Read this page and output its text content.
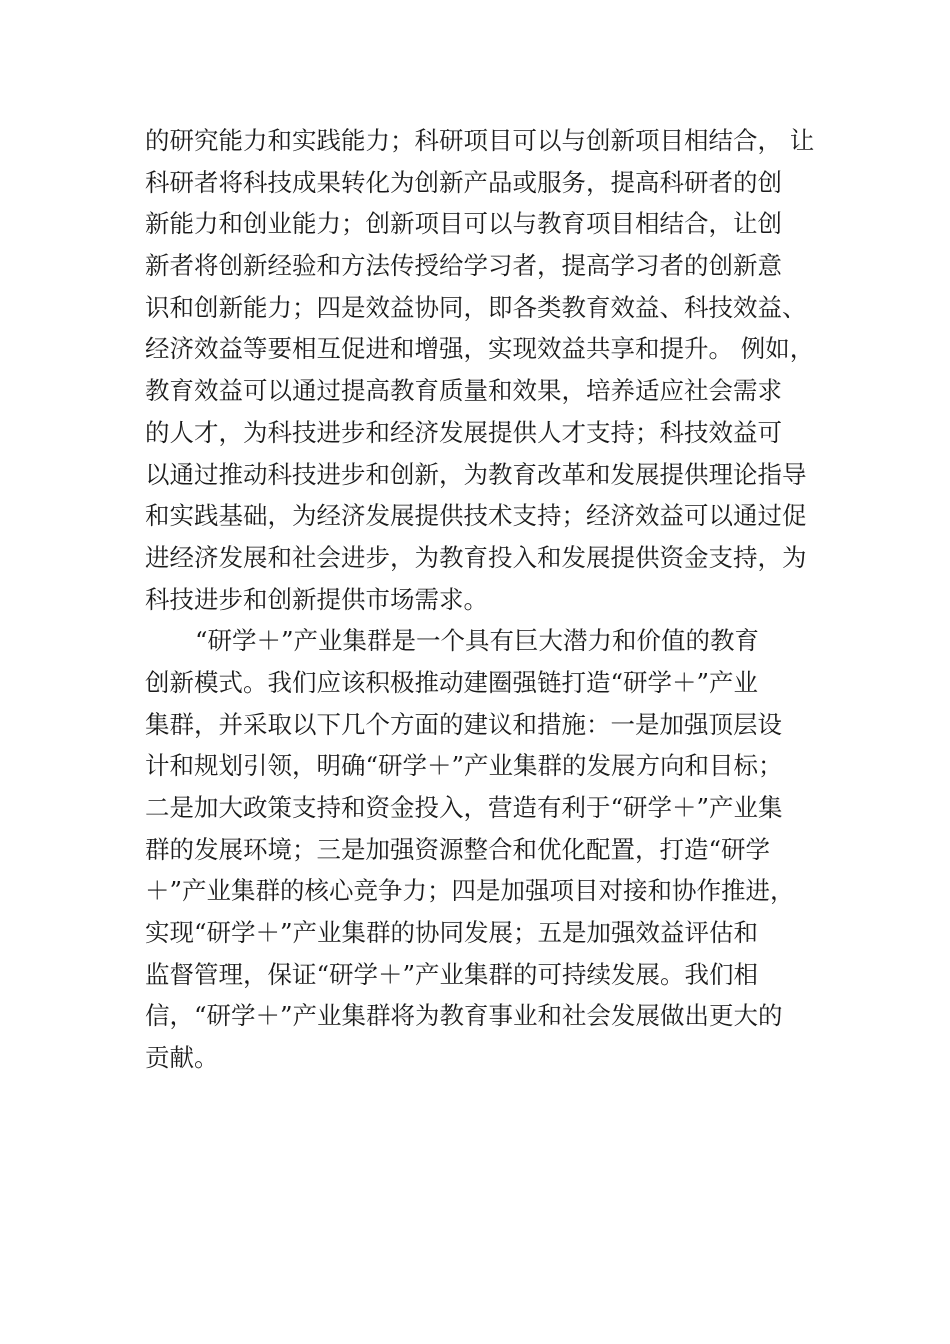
的研究能力和实践能力；科研项目可以与创新项目相结合， 让
科研者将科技成果转化为创新产品或服务，提高科研者的创
新能力和创业能力；创新项目可以与教育项目相结合，让创
新者将创新经验和方法传授给学习者，提高学习者的创新意
识和创新能力；四是效益协同，即各类教育效益、科技效益、
经济效益等要相互促进和增强，实现效益共享和提升。 例如，
教育效益可以通过提高教育质量和效果，培养适应社会需求
的人才，为科技进步和经济发展提供人才支持；科技效益可
以通过推动科技进步和创新，为教育改革和发展提供理论指导
和实践基础，为经济发展提供技术支持；经济效益可以通过促
进经济发展和社会进步，为教育投入和发展提供资金支持，为
科技进步和创新提供市场需求。
“研学＋”产业集群是一个具有巨大潜力和价值的教育
创新模式。我们应该积极推动建圈强链打造“研学＋”产业
集群，并采取以下几个方面的建议和措施：一是加强顶层设
计和规划引领，明确“研学＋”产业集群的发展方向和目标；
二是加大政策支持和资金投入，营造有利于“研学＋”产业集
群的发展环境；三是加强资源整合和优化配置，打造“研学
＋”产业集群的核心竞争力；四是加强项目对接和协作推进，
实现“研学＋”产业集群的协同发展；五是加强效益评估和
监督管理，保证“研学＋”产业集群的可持续发展。我们相
信，“研学＋”产业集群将为教育事业和社会发展做出更大的
贡献。
